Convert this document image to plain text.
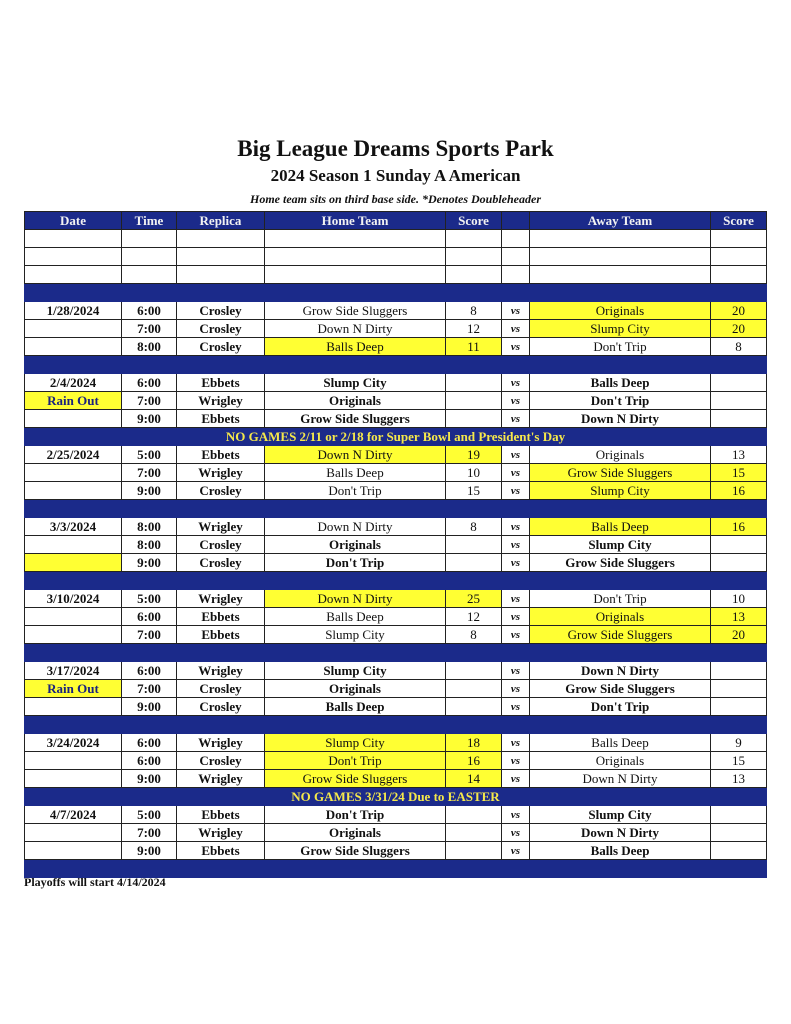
Big League Dreams Sports Park
2024 Season 1 Sunday A American
Home team sits on third base side. *Denotes Doubleheader
Date	Time	Replica	Home Team	Score		Away Team	Score

1/28/2024	6:00	Crosley	Grow Side Sluggers	8	vs	Originals	20
	7:00	Crosley	Down N Dirty	12	vs	Slump City	20
	8:00	Crosley	Balls Deep	11	vs	Don't Trip	8

2/4/2024	6:00	Ebbets	Slump City		vs	Balls Deep	
Rain Out	7:00	Wrigley	Originals		vs	Don't Trip	
	9:00	Ebbets	Grow Side Sluggers		vs	Down N Dirty	
NO GAMES 2/11 or 2/18 for Super Bowl and President's Day							
2/25/2024	5:00	Ebbets	Down N Dirty	19	vs	Originals	13
	7:00	Wrigley	Balls Deep	10	vs	Grow Side Sluggers	15
	9:00	Crosley	Don't Trip	15	vs	Slump City	16

3/3/2024	8:00	Wrigley	Down N Dirty	8	vs	Balls Deep	16
	8:00	Crosley	Originals		vs	Slump City	
	9:00	Crosley	Don't Trip		vs	Grow Side Sluggers	

3/10/2024	5:00	Wrigley	Down N Dirty	25	vs	Don't Trip	10
	6:00	Ebbets	Balls Deep	12	vs	Originals	13
	7:00	Ebbets	Slump City	8	vs	Grow Side Sluggers	20

3/17/2024	6:00	Wrigley	Slump City		vs	Down N Dirty	
Rain Out	7:00	Crosley	Originals		vs	Grow Side Sluggers	
	9:00	Crosley	Balls Deep		vs	Don't Trip	

3/24/2024	6:00	Wrigley	Slump City	18	vs	Balls Deep	9
	6:00	Crosley	Don't Trip	16	vs	Originals	15
	9:00	Wrigley	Grow Side Sluggers	14	vs	Down N Dirty	13
NO GAMES 3/31/24 Due to EASTER							
4/7/2024	5:00	Ebbets	Don't Trip		vs	Slump City	
	7:00	Wrigley	Originals		vs	Down N Dirty	
	9:00	Ebbets	Grow Side Sluggers		vs	Balls Deep	

Playoffs will start 4/14/2024
